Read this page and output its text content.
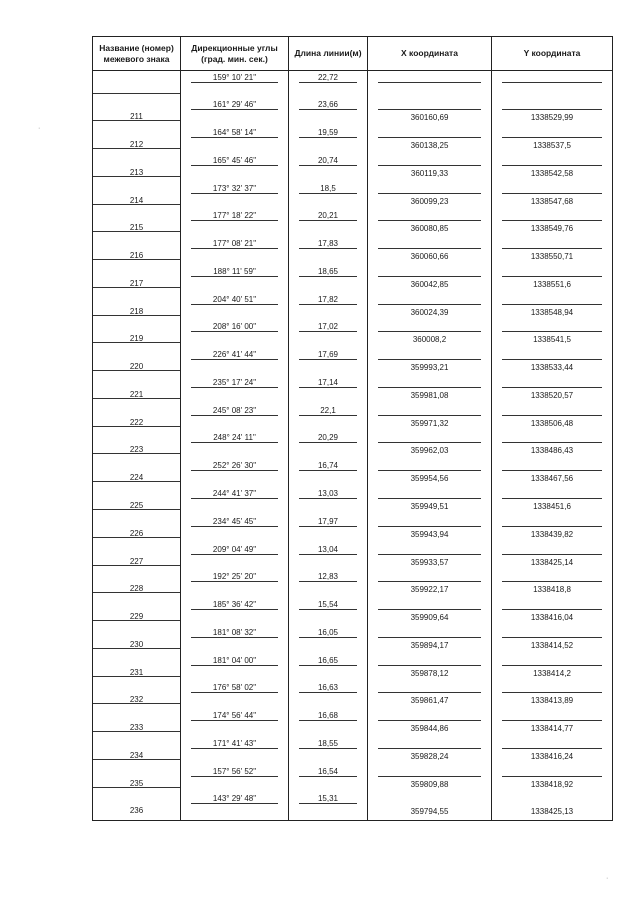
Название (номер) межевого знака	Дирекционные углы (град. мин. сек.)	Длина линии(м)	X координата	Y координата

	159° 10' 21"	22,72		

211	161° 29' 46"	23,66	360160,69	1338529,99

212	164° 58' 14"	19,59	360138,25	1338537,5

213	165° 45' 46"	20,74	360119,33	1338542,58

214	173° 32' 37"	18,5	360099,23	1338547,68

215	177° 18' 22"	20,21	360080,85	1338549,76

216	177° 08' 21"	17,83	360060,66	1338550,71

217	188° 11' 59"	18,65	360042,85	1338551,6

218	204° 40' 51"	17,82	360024,39	1338548,94

219	208° 16' 00"	17,02	360008,2	1338541,5

220	226° 41' 44"	17,69	359993,21	1338533,44

221	235° 17' 24"	17,14	359981,08	1338520,57

222	245° 08' 23"	22,1	359971,32	1338506,48

223	248° 24' 11"	20,29	359962,03	1338486,43

224	252° 26' 30"	16,74	359954,56	1338467,56

225	244° 41' 37"	13,03	359949,51	1338451,6

226	234° 45' 45"	17,97	359943,94	1338439,82

227	209° 04' 49"	13,04	359933,57	1338425,14

228	192° 25' 20"	12,83	359922,17	1338418,8

229	185° 36' 42"	15,54	359909,64	1338416,04

230	181° 08' 32"	16,05	359894,17	1338414,52

231	181° 04' 00"	16,65	359878,12	1338414,2

232	176° 58' 02"	16,63	359861,47	1338413,89

233	174° 56' 44"	16,68	359844,86	1338414,77

234	171° 41' 43"	18,55	359828,24	1338416,24

235	157° 56' 52"	16,54	359809,88	1338418,92

236	143° 29' 48"	15,31	359794,55	1338425,13
·
·
